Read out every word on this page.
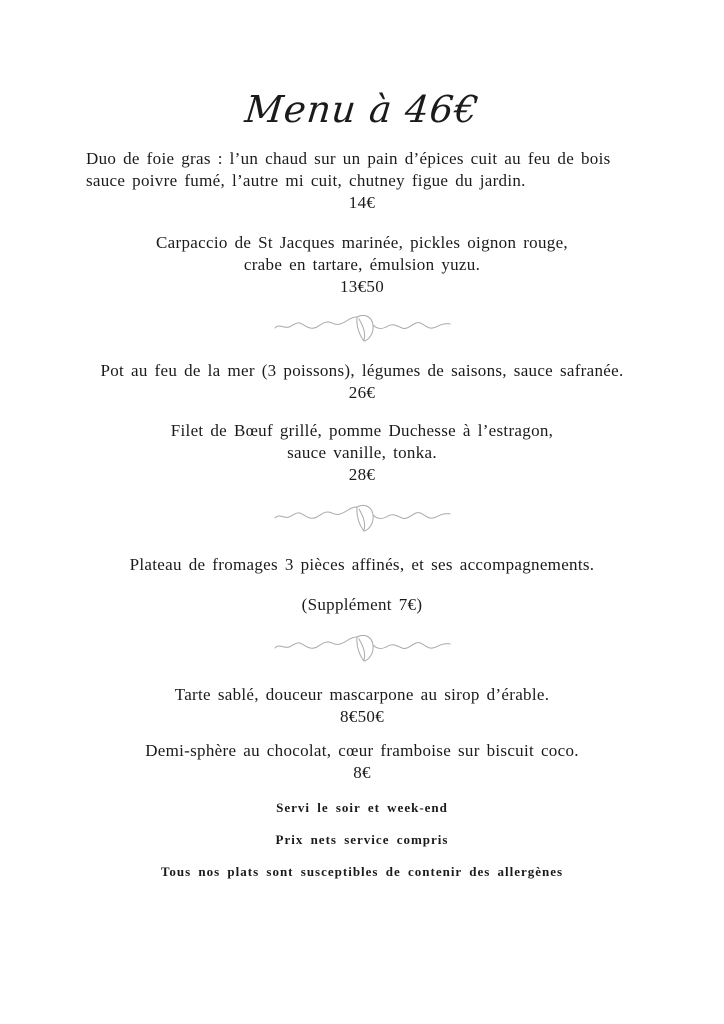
Menu à 46€

Duo de foie gras : l’un chaud sur un pain d’épices cuit au feu de bois

sauce poivre fumé, l’autre mi cuit, chutney figue du jardin.

14€

Carpaccio de St Jacques marinée, pickles oignon rouge,

crabe en tartare, émulsion yuzu.

13€50

Pot au feu de la mer (3 poissons), légumes de saisons, sauce safranée.

26€

Filet de Bœuf grillé, pomme Duchesse à l’estragon,

sauce vanille, tonka.

28€

Plateau de fromages 3 pièces affinés, et ses accompagnements.

(Supplément 7€)

Tarte sablé, douceur mascarpone au sirop d’érable.

8€50€

Demi-sphère au chocolat, cœur framboise sur biscuit coco.

8€

Servi le soir et week-end

Prix nets service compris

Tous nos plats sont susceptibles de contenir des allergènes
